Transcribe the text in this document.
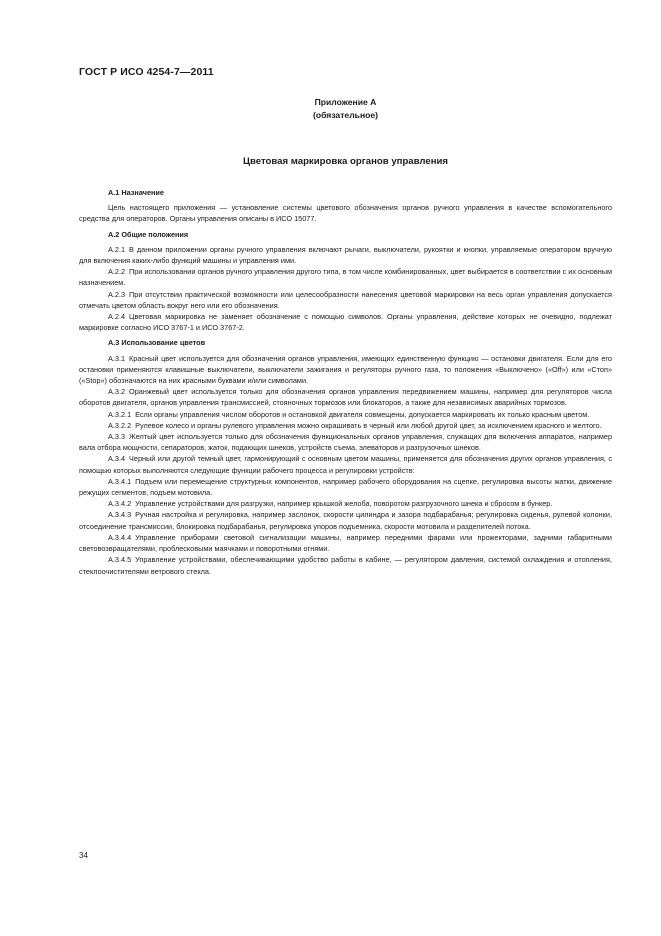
ГОСТ Р ИСО 4254-7—2011
Приложение А
(обязательное)
Цветовая маркировка органов управления
А.1 Назначение

Цель настоящего приложения — установление системы цветового обозначения органов ручного управления в качестве вспомогательного средства для операторов. Органы управления описаны в ИСО 15077.

А.2 Общие положения

А.2.1 В данном приложении органы ручного управления включают рычаги, выключатели, рукоятки и кнопки, управляемые оператором вручную для включения каких-либо функций машины и управления ими.

А.2.2 При использовании органов ручного управления другого типа, в том числе комбинированных, цвет выбирается в соответствии с их основным назначением.

А.2.3 При отсутствии практической возможности или целесообразности нанесения цветовой маркировки на весь орган управления допускается отмечать цветом область вокруг него или его обозначения.

А.2.4 Цветовая маркировка не заменяет обозначение с помощью символов. Органы управления, действие которых не очевидно, подлежат маркировке согласно ИСО 3767-1 и ИСО 3767-2.

А.3 Использование цветов

А.3.1 Красный цвет используется для обозначения органов управления, имеющих единственную функцию — остановки двигателя. Если для его остановки применяются клавишные выключатели, выключатели зажигания и регуляторы ручного газа, то положения «Выключено» («Off») или «Стоп» («Stop») обозначаются на них красными буквами и/или символами.

А.3.2 Оранжевый цвет используется только для обозначения органов управления передвижением машины, например для регуляторов числа оборотов двигателя, органов управления трансмиссией, стояночных тормозов или блокаторов, а также для независимых аварийных тормозов.

А.3.2.1 Если органы управления числом оборотов и остановкой двигателя совмещены, допускается маркировать их только красным цветом.

А.3.2.2 Рулевое колесо и органы рулевого управления можно окрашивать в черный или любой другой цвет, за исключением красного и желтого.

А.3.3 Желтый цвет используется только для обозначения функциональных органов управления, служащих для включения аппаратов, например вала отбора мощности, сепараторов, жаток, подающих шнеков, устройств съема, элеваторов и разгрузочных шнеков.

А.3.4 Черный или другой темный цвет, гармонирующий с основным цветом машины, применяется для обозначения других органов управления, с помощью которых выполняются следующие функции рабочего процесса и регулировки устройств:

А.3.4.1 Подъем или перемещение структурных компонентов, например рабочего оборудования на сцепке, регулировка высоты жатки, движение режущих сегментов, подъем мотовила.

А.3.4.2 Управление устройствами для разгрузки, например крышкой желоба, поворотом разгрузочного шнека и сбросом в бункер.

А.3.4.3 Ручная настройка и регулировка, например заслонок, скорости цилиндра и зазора подбарабанья; регулировка сиденья, рулевой колонки, отсоединение трансмиссии, блокировка подбарабанья, регулировка упоров подъемника, скорости мотовила и разделителей потока.

А.3.4.4 Управление приборами световой сигнализации машины, например передними фарами или прожекторами, задними габаритными световозвращателями, проблесковыми маячками и поворотными огнями.

А.3.4.5 Управление устройствами, обеспечивающими удобство работы в кабине, — регулятором давления, системой охлаждения и отопления, стеклоочистителями ветрового стекла.

34
